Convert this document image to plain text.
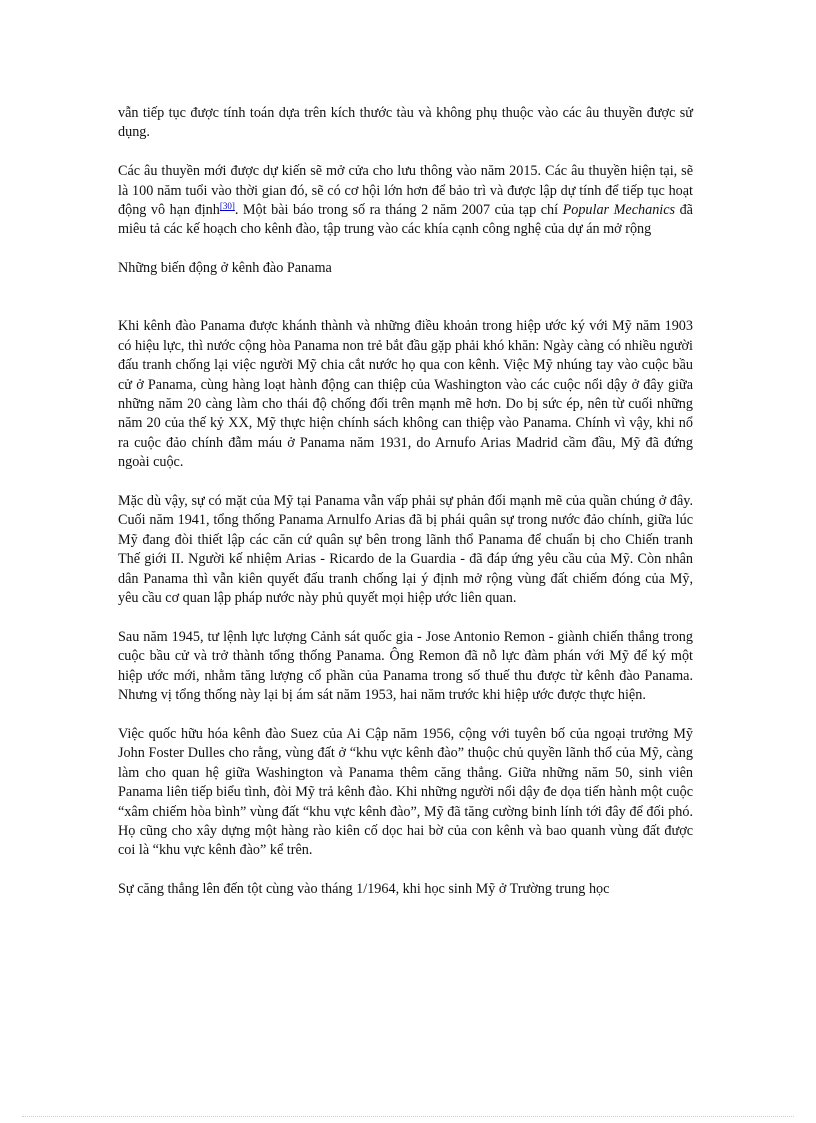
vẫn tiếp tục được tính toán dựa trên kích thước tàu và không phụ thuộc vào các âu thuyền được sử dụng.

Các âu thuyền mới được dự kiến sẽ mở cửa cho lưu thông vào năm 2015. Các âu thuyền hiện tại, sẽ là 100 năm tuổi vào thời gian đó, sẽ có cơ hội lớn hơn để bảo trì và được lập dự tính để tiếp tục hoạt động vô hạn định[30]. Một bài báo trong số ra tháng 2 năm 2007 của tạp chí Popular Mechanics đã miêu tả các kế hoạch cho kênh đào, tập trung vào các khía cạnh công nghệ của dự án mở rộng

Những biến động ở kênh đào Panama

Khi kênh đào Panama được khánh thành và những điều khoản trong hiệp ước ký với Mỹ năm 1903 có hiệu lực, thì nước cộng hòa Panama non trẻ bắt đầu gặp phải khó khăn: Ngày càng có nhiều người đấu tranh chống lại việc người Mỹ chia cắt nước họ qua con kênh. Việc Mỹ nhúng tay vào cuộc bầu cử ở Panama, cùng hàng loạt hành động can thiệp của Washington vào các cuộc nổi dậy ở đây giữa những năm 20 càng làm cho thái độ chống đối trên mạnh mẽ hơn. Do bị sức ép, nên từ cuối những năm 20 của thế kỷ XX, Mỹ thực hiện chính sách không can thiệp vào Panama. Chính vì vậy, khi nổ ra cuộc đảo chính đẫm máu ở Panama năm 1931, do Arnufo Arias Madrid cầm đầu, Mỹ đã đứng ngoài cuộc.

Mặc dù vậy, sự có mặt của Mỹ tại Panama vẫn vấp phải sự phản đối mạnh mẽ của quần chúng ở đây. Cuối năm 1941, tổng thống Panama Arnulfo Arias đã bị phái quân sự trong nước đảo chính, giữa lúc Mỹ đang đòi thiết lập các căn cứ quân sự bên trong lãnh thổ Panama để chuẩn bị cho Chiến tranh Thế giới II. Người kế nhiệm Arias - Ricardo de la Guardia - đã đáp ứng yêu cầu của Mỹ. Còn nhân dân Panama thì vẫn kiên quyết đấu tranh chống lại ý định mở rộng vùng đất chiếm đóng của Mỹ, yêu cầu cơ quan lập pháp nước này phủ quyết mọi hiệp ước liên quan.

Sau năm 1945, tư lệnh lực lượng Cảnh sát quốc gia - Jose Antonio Remon - giành chiến thắng trong cuộc bầu cử và trở thành tổng thống Panama. Ông Remon đã nỗ lực đàm phán với Mỹ để ký một hiệp ước mới, nhằm tăng lượng cổ phần của Panama trong số thuế thu được từ kênh đào Panama. Nhưng vị tổng thống này lại bị ám sát năm 1953, hai năm trước khi hiệp ước được thực hiện.

Việc quốc hữu hóa kênh đào Suez của Ai Cập năm 1956, cộng với tuyên bố của ngoại trưởng Mỹ John Foster Dulles cho rằng, vùng đất ở “khu vực kênh đào” thuộc chủ quyền lãnh thổ của Mỹ, càng làm cho quan hệ giữa Washington và Panama thêm căng thẳng. Giữa những năm 50, sinh viên Panama liên tiếp biểu tình, đòi Mỹ trả kênh đào. Khi những người nổi dậy đe dọa tiến hành một cuộc “xâm chiếm hòa bình” vùng đất “khu vực kênh đào”, Mỹ đã tăng cường binh lính tới đây để đối phó. Họ cũng cho xây dựng một hàng rào kiên cố dọc hai bờ của con kênh và bao quanh vùng đất được coi là “khu vực kênh đào” kể trên.

Sự căng thẳng lên đến tột cùng vào tháng 1/1964, khi học sinh Mỹ ở Trường trung học
